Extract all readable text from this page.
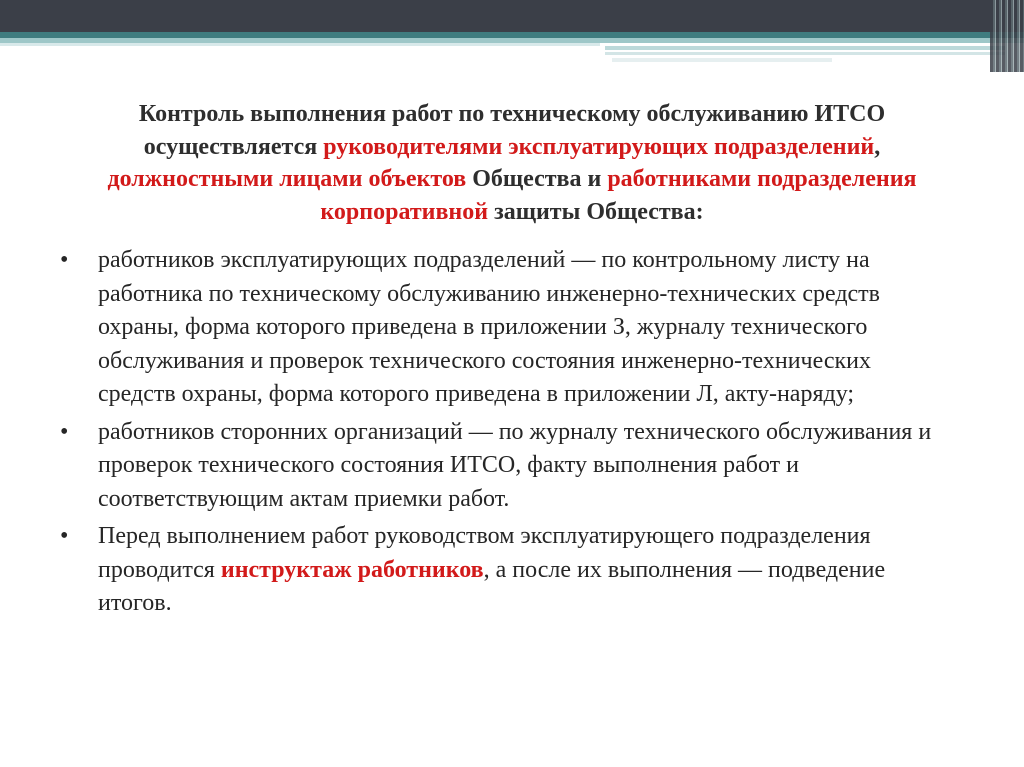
Контроль выполнения работ по техническому обслуживанию ИТСО осуществляется руководителями эксплуатирующих подразделений, должностными лицами объектов Общества и работниками подразделения корпоративной защиты Общества:
•	работников эксплуатирующих подразделений — по контрольному листу на работника по техническому обслуживанию инженерно-технических средств охраны, форма которого приведена в приложении З, журналу технического обслуживания и проверок технического состояния инженерно-технических средств охраны, форма которого приведена в приложении Л, акту-наряду;
•	работников сторонних организаций — по журналу технического обслуживания и проверок технического состояния ИТСО, факту выполнения работ и соответствующим актам приемки работ.
•	Перед выполнением работ руководством эксплуатирующего подразделения проводится инструктаж работников, а после их выполнения — подведение итогов.
